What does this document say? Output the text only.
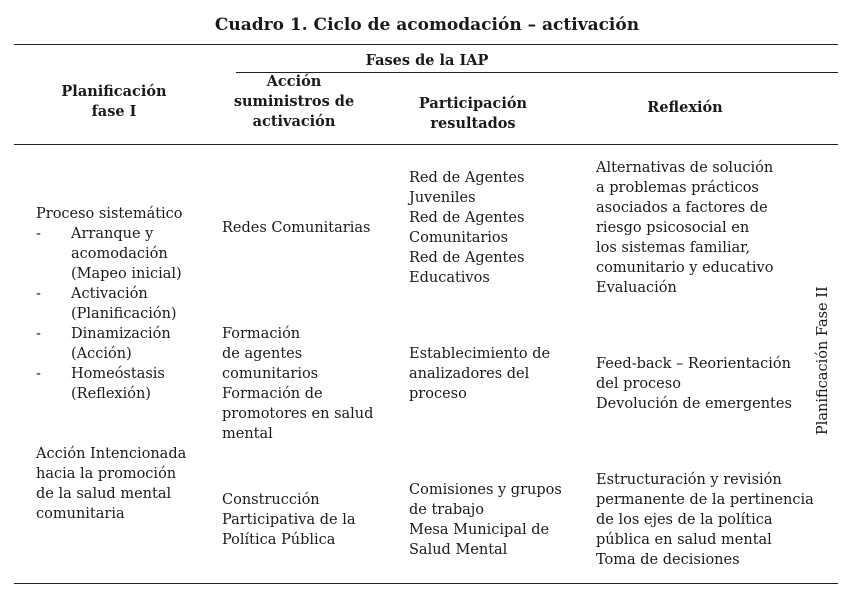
Cuadro 1. Ciclo de acomodación – activación
Fases de la IAP
Planificación
fase I
Acción
suministros de
activación
Participación
resultados
Reflexión
Proceso sistemático
- Arranque y
acomodación
(Mapeo inicial)
- Activación
(Planificación)
- Dinamización
(Acción)
- Homeóstasis
(Reflexión)
Acción Intencionada
hacia la promoción
de la salud mental
comunitaria
Redes Comunitarias
Formación
de agentes
comunitarios
Formación de
promotores en salud
mental
Construcción
Participativa de la
Política Pública
Red de Agentes
Juveniles
Red de Agentes
Comunitarios
Red de Agentes
Educativos
Establecimiento de
analizadores del
proceso
Comisiones y grupos
de trabajo
Mesa Municipal de
Salud Mental
Alternativas de solución
a problemas prácticos
asociados a factores de
riesgo psicosocial en
los sistemas familiar,
comunitario y educativo
Evaluación
Feed-back – Reorientación
del proceso
Devolución de emergentes
Estructuración y revisión
permanente de la pertinencia
de los ejes de la política
pública en salud mental
Toma de decisiones
Planificación Fase II
